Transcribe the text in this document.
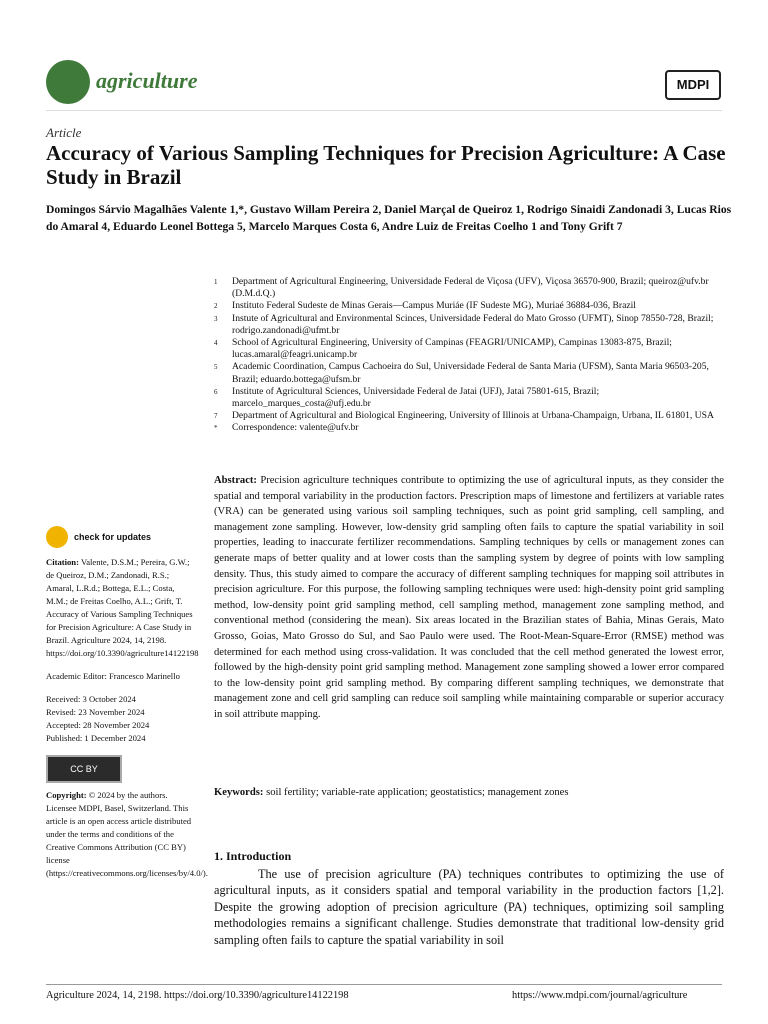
agriculture	MDPI
Article
Accuracy of Various Sampling Techniques for Precision Agriculture: A Case Study in Brazil
Domingos Sárvio Magalhães Valente 1,*, Gustavo Willam Pereira 2, Daniel Marçal de Queiroz 1, Rodrigo Sinaidi Zandonadi 3, Lucas Rios do Amaral 4, Eduardo Leonel Bottega 5, Marcelo Marques Costa 6, Andre Luiz de Freitas Coelho 1 and Tony Grift 7
1 Department of Agricultural Engineering, Universidade Federal de Viçosa (UFV), Viçosa 36570-900, Brazil; queiroz@ufv.br (D.M.d.Q.)
2 Instituto Federal Sudeste de Minas Gerais—Campus Muriáe (IF Sudeste MG), Muriaé 36884-036, Brazil
3 Instute of Agricultural and Environmental Scinces, Universidade Federal do Mato Grosso (UFMT), Sinop 78550-728, Brazil; rodrigo.zandonadi@ufmt.br
4 School of Agricultural Engineering, University of Campinas (FEAGRI/UNICAMP), Campinas 13083-875, Brazil; lucas.amaral@feagri.unicamp.br
5 Academic Coordination, Campus Cachoeira do Sul, Universidade Federal de Santa Maria (UFSM), Santa Maria 96503-205, Brazil; eduardo.bottega@ufsm.br
6 Institute of Agricultural Sciences, Universidade Federal de Jatai (UFJ), Jatai 75801-615, Brazil; marcelo_marques_costa@ufj.edu.br
7 Department of Agricultural and Biological Engineering, University of Illinois at Urbana-Champaign, Urbana, IL 61801, USA
* Correspondence: valente@ufv.br
Abstract: Precision agriculture techniques contribute to optimizing the use of agricultural inputs, as they consider the spatial and temporal variability in the production factors. Prescription maps of limestone and fertilizers at variable rates (VRA) can be generated using various soil sampling techniques, such as point grid sampling, cell sampling, and management zone sampling. However, low-density grid sampling often fails to capture the spatial variability in soil properties, leading to inaccurate fertilizer recommendations. Sampling techniques by cells or management zones can generate maps of better quality and at lower costs than the sampling system by degree of points with low sampling density. Thus, this study aimed to compare the accuracy of different sampling techniques for mapping soil attributes in precision agriculture. For this purpose, the following sampling techniques were used: high-density point grid sampling method, low-density point grid sampling method, cell sampling method, management zone sampling method, and conventional method (considering the mean). Six areas located in the Brazilian states of Bahia, Minas Gerais, Mato Grosso, Goias, Mato Grosso do Sul, and Sao Paulo were used. The Root-Mean-Square-Error (RMSE) method was determined for each method using cross-validation. It was concluded that the cell method generated the lowest error, followed by the high-density point grid sampling method. Management zone sampling showed a lower error compared to the low-density point grid sampling method. By comparing different sampling techniques, we demonstrate that management zone and cell grid sampling can reduce soil sampling while maintaining comparable or superior accuracy in soil attribute mapping.
Keywords: soil fertility; variable-rate application; geostatistics; management zones
1. Introduction
The use of precision agriculture (PA) techniques contributes to optimizing the use of agricultural inputs, as it considers spatial and temporal variability in the production factors [1,2]. Despite the growing adoption of precision agriculture (PA) techniques, optimizing soil sampling methodologies remains a significant challenge. Studies demonstrate that traditional low-density grid sampling often fails to capture the spatial variability in soil
check for updates
Citation: Valente, D.S.M.; Pereira, G.W.; de Queiroz, D.M.; Zandonadi, R.S.; Amaral, L.R.d.; Bottega, E.L.; Costa, M.M.; de Freitas Coelho, A.L.; Grift, T. Accuracy of Various Sampling Techniques for Precision Agriculture: A Case Study in Brazil. Agriculture 2024, 14, 2198. https://doi.org/10.3390/agriculture14122198
Academic Editor: Francesco Marinello
Received: 3 October 2024
Revised: 23 November 2024
Accepted: 28 November 2024
Published: 1 December 2024
CC BY
Copyright: © 2024 by the authors. Licensee MDPI, Basel, Switzerland. This article is an open access article distributed under the terms and conditions of the Creative Commons Attribution (CC BY) license (https://creativecommons.org/licenses/by/4.0/).
Agriculture 2024, 14, 2198. https://doi.org/10.3390/agriculture14122198	https://www.mdpi.com/journal/agriculture
